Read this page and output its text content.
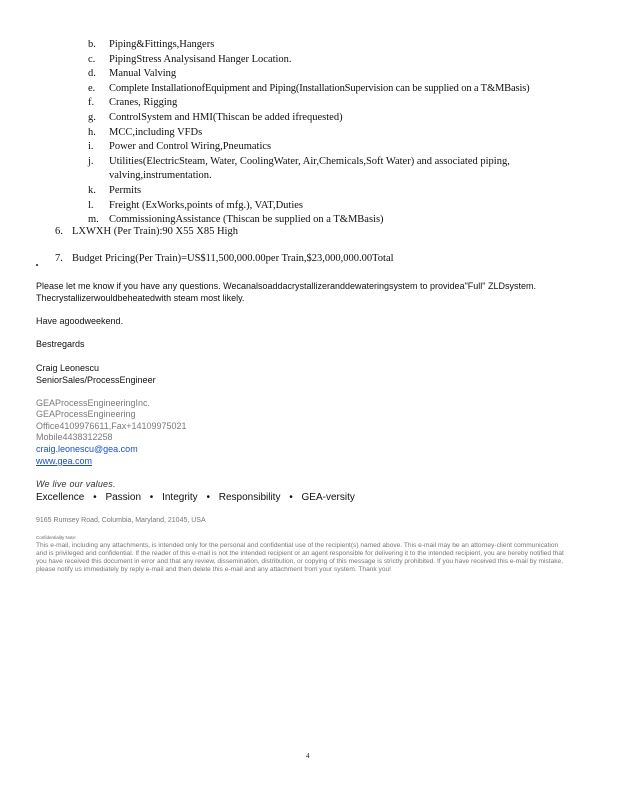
b.	Piping&Fittings,Hangers
c.	PipingStress Analysisand Hanger Location.
d.	Manual Valving
e.	Complete InstallationofEquipment and Piping(InstallationSupervision can be supplied on a T&MBasis)
f.	Cranes, Rigging
g.	ControlSystem and HMI(Thiscan be added ifrequested)
h.	MCC,including VFDs
i.	Power and Control Wiring,Pneumatics
j.	Utilities(ElectricSteam, Water, CoolingWater, Air,Chemicals,Soft Water) and associated piping, valving,instrumentation.
k.	Permits
l.	Freight (ExWorks,points of mfg.), VAT,Duties
m. CommissioningAssistance (Thiscan be supplied on a T&MBasis)
6. LXWXH (Per Train):90 X55 X85 High
7. Budget Pricing(Per Train)=US$11,500,000.00per Train,$23,000,000.00Total
Please let me know if you have any questions. Wecanalsoaddacrystallizeranddewateringsystem to providea"Full" ZLDsystem. Thecrystallizerwouldbeheatedwith steam most likely.
Have agoodweekend.
Bestregards
Craig Leonescu
SeniorSales/ProcessEngineer
GEAProcessEngineeringInc.
GEAProcessEngineering
Office4109976611,Fax+14109975021
Mobile4438312258
craig.leonescu@gea.com
www.gea.com
We live our values.
Excellence • Passion • Integrity • Responsibility • GEA-versity
9165 Rumsey Road, Columbia, Maryland, 21045, USA
Confidentiality Note:
This e-mail, including any attachments, is intended only for the personal and confidential use of the recipient(s) named above. This e-mail may be an attorney-client communication and is privileged and confidential. If the reader of this e-mail is not the intended recipient or an agent responsible for delivering it to the intended recipient, you are hereby notified that you have received this document in error and that any review, dissemination, distribution, or copying of this message is strictly prohibited. If you have received this e-mail by mistake, please notify us immediately by reply e-mail and then delete this e-mail and any attachment from your system. Thank you!
4
